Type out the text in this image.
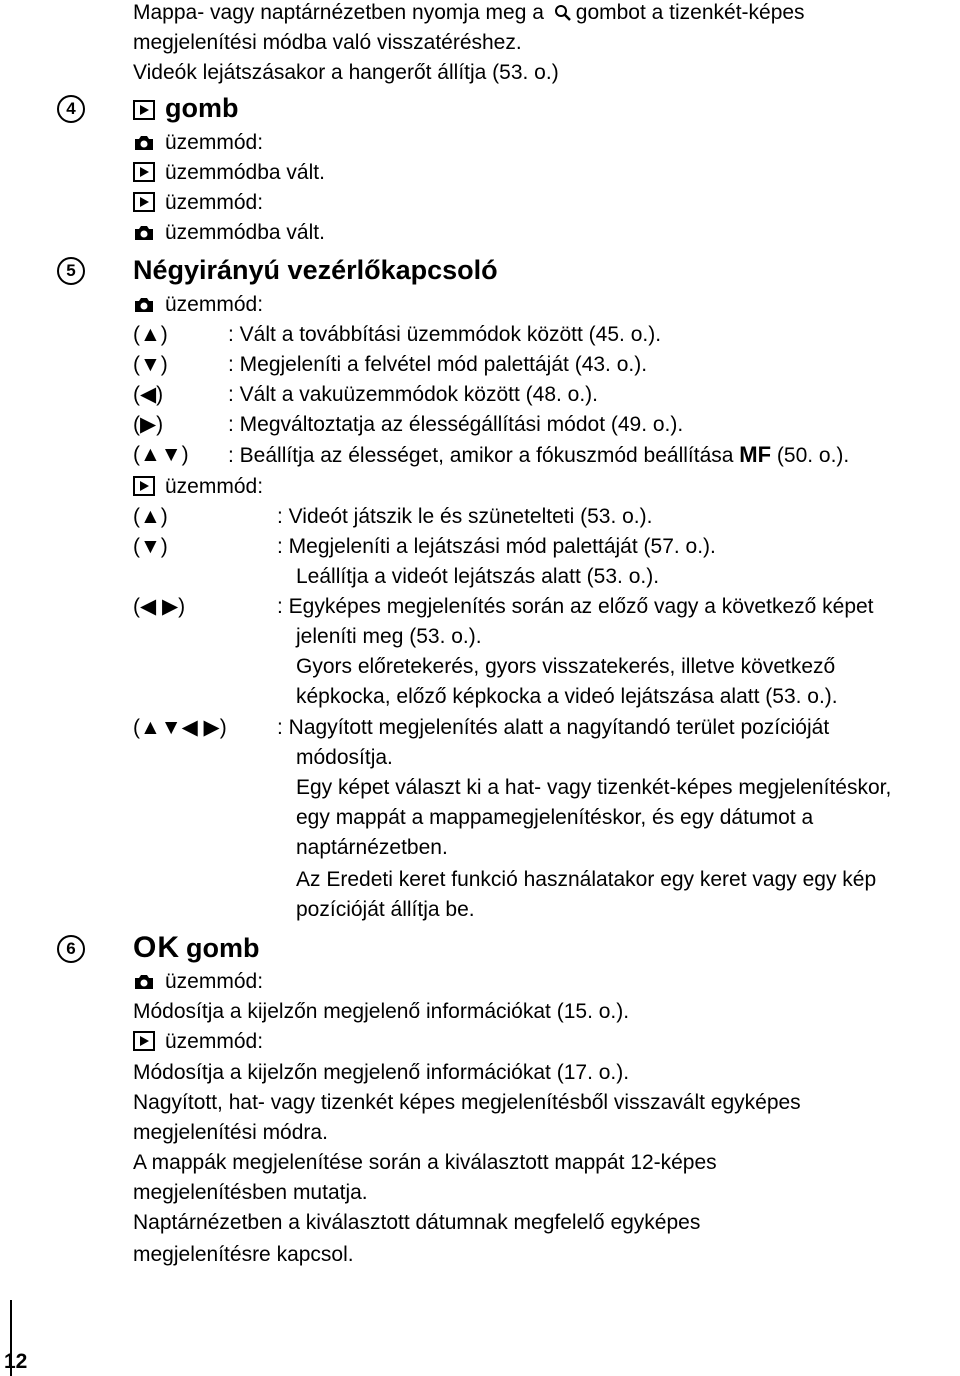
Mappa- vagy naptárnézetben nyomja meg a gombot a tizenkét-képes
megjelenítési módba való visszatéréshez.
Videók lejátszásakor a hangerőt állítja (53. o.)
4	gomb
üzemmód:
üzemmódba vált.
üzemmód:
üzemmódba vált.
5	Négyirányú vezérlőkapcsoló
üzemmód:
(▲)	: Vált a továbbítási üzemmódok között (45. o.).
(▼)	: Megjeleníti a felvétel mód palettáját (43. o.).
(◀)	: Vált a vakuüzemmódok között (48. o.).
(▶)	: Megváltoztatja az élességállítási módot (49. o.).
(▲▼) : Beállítja az élességet, amikor a fókuszmód beállítása MF (50. o.).
üzemmód:
(▲)	: Videót játszik le és szünetelteti (53. o.).
(▼)	: Megjeleníti a lejátszási mód palettáját (57. o.).
Leállítja a videót lejátszás alatt (53. o.).
(◀ ▶)	: Egyképes megjelenítés során az előző vagy a következő képet
jeleníti meg (53. o.).
Gyors előretekerés, gyors visszatekerés, illetve következő
képkocka, előző képkocka a videó lejátszása alatt (53. o.).
(▲▼◀ ▶) : Nagyított megjelenítés alatt a nagyítandó terület pozícióját
módosítja.
Egy képet választ ki a hat- vagy tizenkét-képes megjelenítéskor,
egy mappát a mappamegjelenítéskor, és egy dátumot a
naptárnézetben.
Az Eredeti keret funkció használatakor egy keret vagy egy kép
pozícióját állítja be.
6	OK gomb
üzemmód:
Módosítja a kijelzőn megjelenő információkat (15. o.).
üzemmód:
Módosítja a kijelzőn megjelenő információkat (17. o.).
Nagyított, hat- vagy tizenkét képes megjelenítésből visszavált egyképes
megjelenítési módra.
A mappák megjelenítése során a kiválasztott mappát 12-képes
megjelenítésben mutatja.
Naptárnézetben a kiválasztott dátumnak megfelelő egyképes
megjelenítésre kapcsol.
12
